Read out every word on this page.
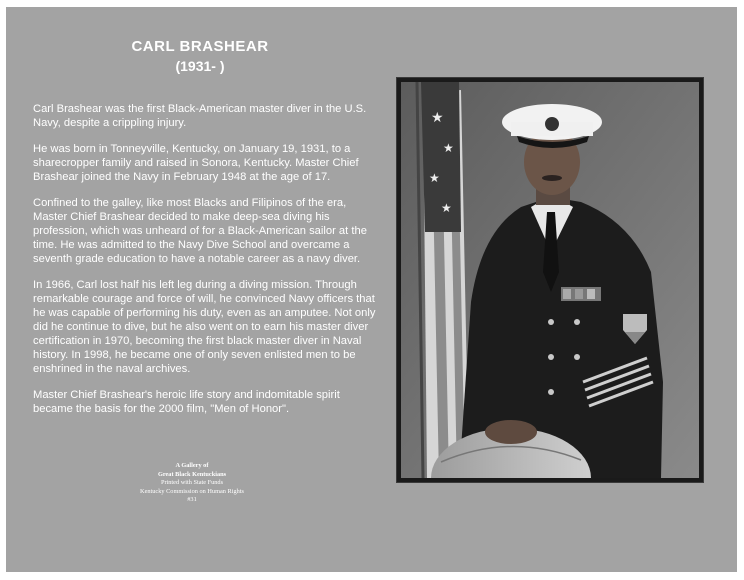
CARL BRASHEAR
(1931- )

Carl Brashear was the first Black-American master diver in the U.S. Navy, despite a crippling injury.

He was born in Tonneyville, Kentucky, on January 19, 1931, to a sharecropper family and raised in Sonora, Kentucky. Master Chief Brashear joined the Navy in February 1948 at the age of 17.

Confined to the galley, like most Blacks and Filipinos of the era, Master Chief Brashear decided to make deep-sea diving his profession, which was unheard of for a Black-American sailor at the time. He was admitted to the Navy Dive School and overcame a seventh grade education to have a notable career as a navy diver.

In 1966, Carl lost half his left leg during a diving mission. Through remarkable courage and force of will, he convinced Navy officers that he was capable of performing his duty, even as an amputee. Not only did he continue to dive, but he also went on to earn his master diver certification in 1970, becoming the first black master diver in Naval history. In 1998, he became one of only seven enlisted men to be enshrined in the naval archives.

Master Chief Brashear's heroic life story and indomitable spirit became the basis for the 2000 film, "Men of Honor".

A Gallery of
Great Black Kentuckians
Printed with State Funds
Kentucky Commission on Human Rights
#31
★
★
★
★
